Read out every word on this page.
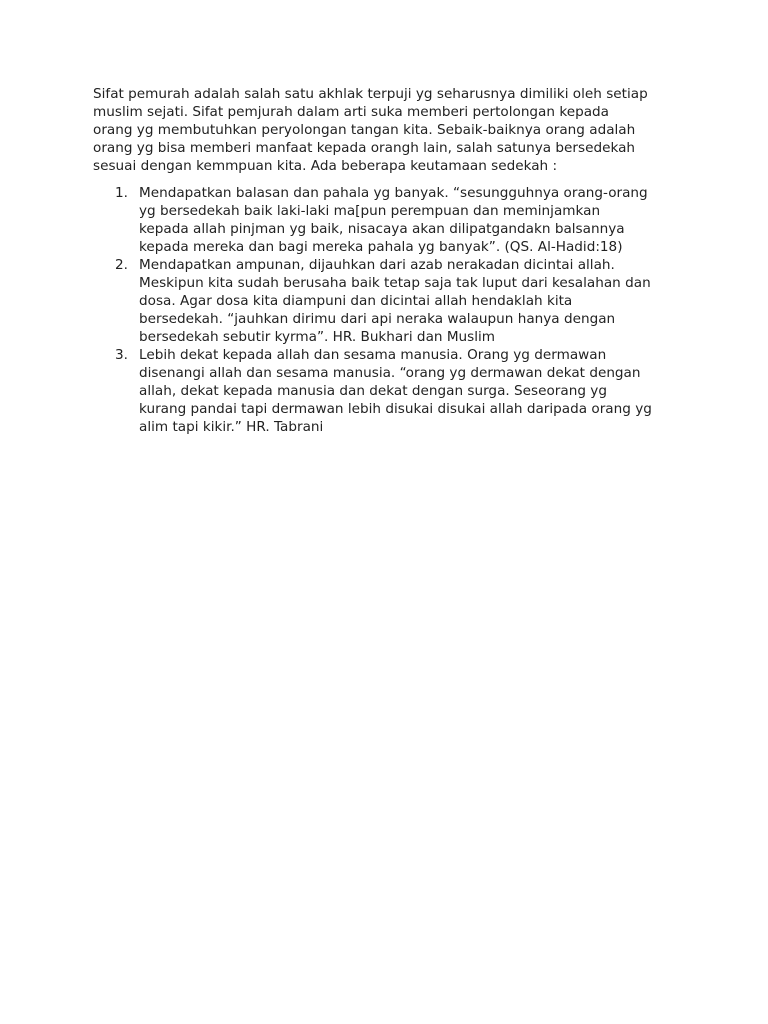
Sifat pemurah adalah salah satu akhlak terpuji yg seharusnya dimiliki oleh setiap
muslim sejati. Sifat pemjurah dalam arti suka memberi pertolongan kepada
orang yg membutuhkan peryolongan tangan kita. Sebaik-baiknya orang adalah
orang yg bisa memberi manfaat kepada orangh lain, salah satunya bersedekah
sesuai dengan kemmpuan kita. Ada beberapa keutamaan sedekah :

1. Mendapatkan balasan dan pahala yg banyak. “sesungguhnya orang-orang
yg bersedekah baik laki-laki ma[pun perempuan dan meminjamkan
kepada allah pinjman yg baik, nisacaya akan dilipatgandakn balsannya
kepada mereka dan bagi mereka pahala yg banyak”. (QS. Al-Hadid:18)
2. Mendapatkan ampunan, dijauhkan dari azab nerakadan dicintai allah.
Meskipun kita sudah berusaha baik tetap saja tak luput dari kesalahan dan
dosa. Agar dosa kita diampuni dan dicintai allah hendaklah kita
bersedekah. “jauhkan dirimu dari api neraka walaupun hanya dengan
bersedekah sebutir kyrma”. HR. Bukhari dan Muslim
3. Lebih dekat kepada allah dan sesama manusia. Orang yg dermawan
disenangi allah dan sesama manusia. “orang yg dermawan dekat dengan
allah, dekat kepada manusia dan dekat dengan surga. Seseorang yg
kurang pandai tapi dermawan lebih disukai disukai allah daripada orang yg
alim tapi kikir.” HR. Tabrani
